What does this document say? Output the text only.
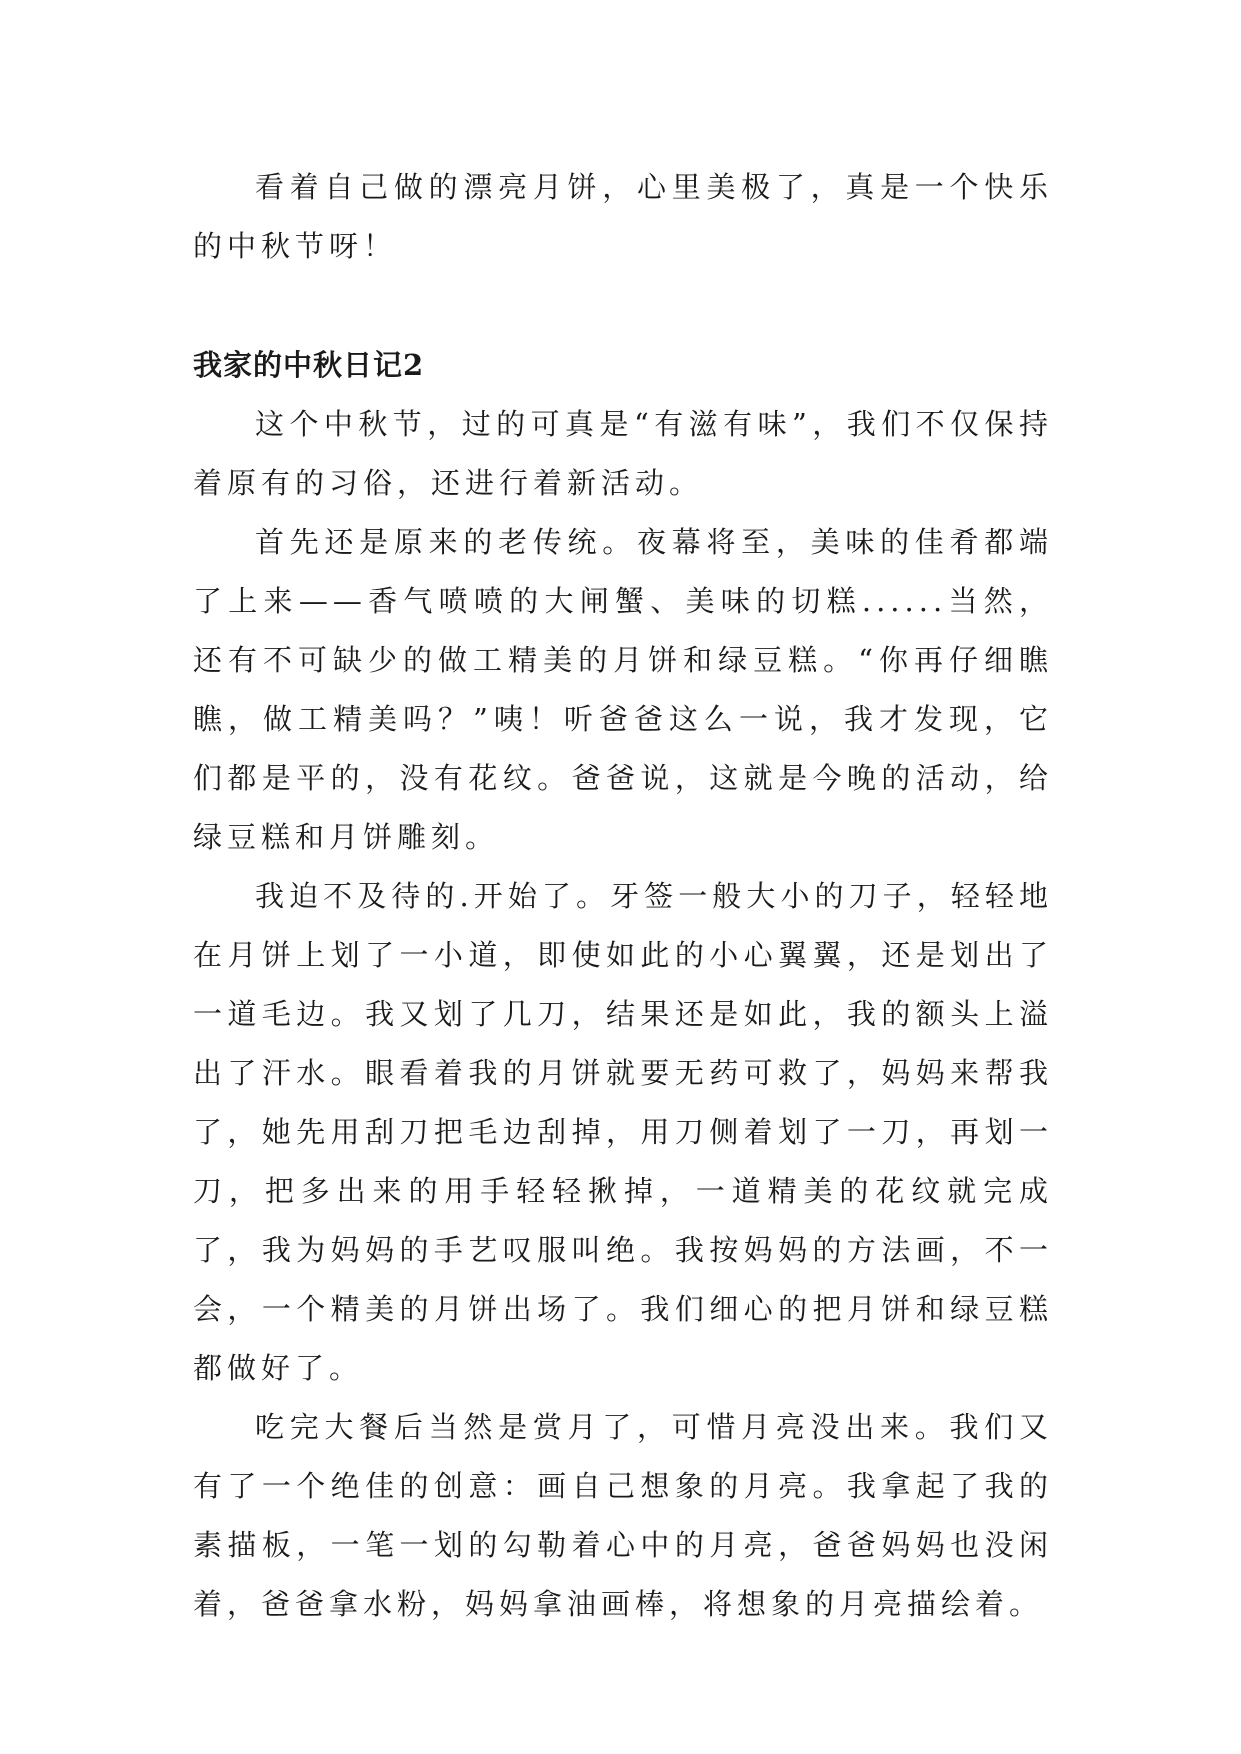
看着自己做的漂亮月饼，心里美极了，真是一个快乐的中秋节呀！

我家的中秋日记2

这个中秋节，过的可真是“有滋有味”，我们不仅保持着原有的习俗，还进行着新活动。

首先还是原来的老传统。夜幕将至，美味的佳肴都端了上来——香气喷喷的大闸蟹、美味的切糕......当然，还有不可缺少的做工精美的月饼和绿豆糕。“你再仔细瞧瞧，做工精美吗？”咦！听爸爸这么一说，我才发现，它们都是平的，没有花纹。爸爸说，这就是今晚的活动，给绿豆糕和月饼雕刻。

我迫不及待的.开始了。牙签一般大小的刀子，轻轻地在月饼上划了一小道，即使如此的小心翼翼，还是划出了一道毛边。我又划了几刀，结果还是如此，我的额头上溢出了汗水。眼看着我的月饼就要无药可救了，妈妈来帮我了，她先用刮刀把毛边刮掉，用刀侧着划了一刀，再划一刀，把多出来的用手轻轻揪掉，一道精美的花纹就完成了，我为妈妈的手艺叹服叫绝。我按妈妈的方法画，不一会，一个精美的月饼出场了。我们细心的把月饼和绿豆糕都做好了。

吃完大餐后当然是赏月了，可惜月亮没出来。我们又有了一个绝佳的创意：画自己想象的月亮。我拿起了我的素描板，一笔一划的勾勒着心中的月亮，爸爸妈妈也没闲着，爸爸拿水粉，妈妈拿油画棒，将想象的月亮描绘着。
